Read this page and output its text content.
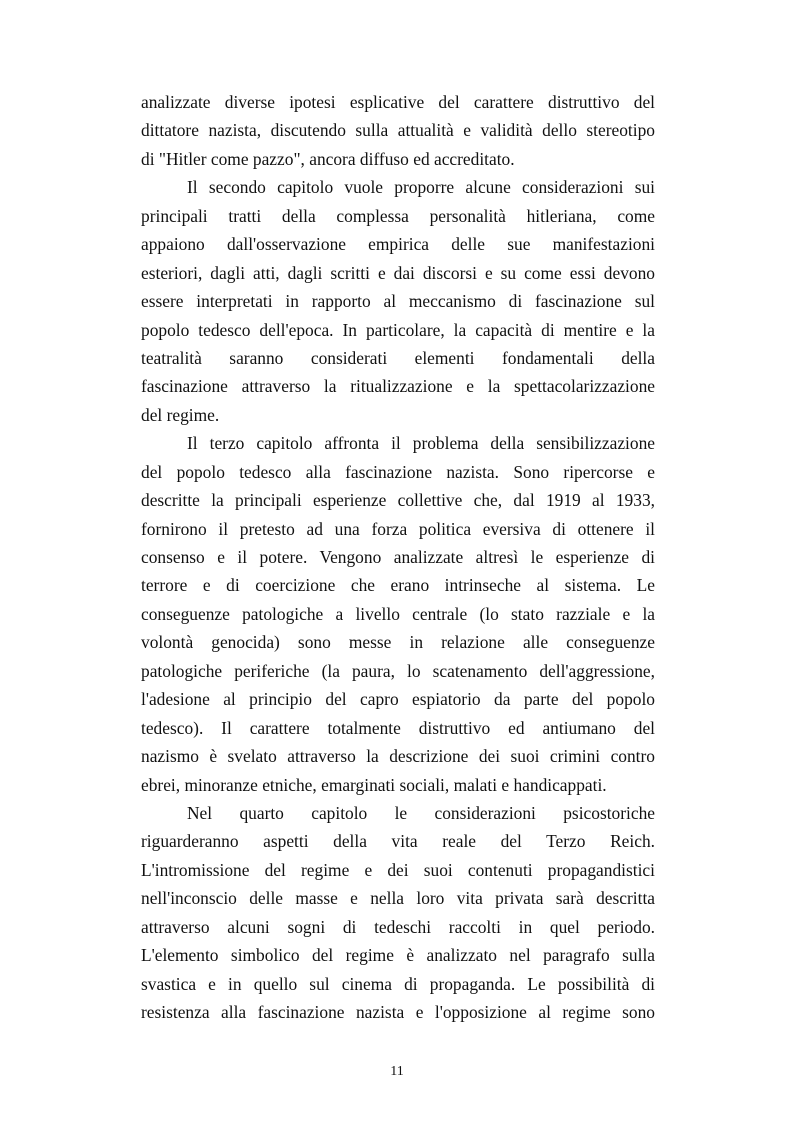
analizzate diverse ipotesi esplicative del carattere distruttivo del
dittatore nazista, discutendo sulla attualità e validità dello stereotipo
di "Hitler come pazzo", ancora diffuso ed accreditato.
Il secondo capitolo vuole proporre alcune considerazioni sui
principali tratti della complessa personalità hitleriana, come
appaiono dall'osservazione empirica delle sue manifestazioni
esteriori, dagli atti, dagli scritti e dai discorsi e su come essi devono
essere interpretati in rapporto al meccanismo di fascinazione sul
popolo tedesco dell'epoca. In particolare, la capacità di mentire e la
teatralità saranno considerati elementi fondamentali della
fascinazione attraverso la ritualizzazione e la spettacolarizzazione
del regime.
Il terzo capitolo affronta il problema della sensibilizzazione
del popolo tedesco alla fascinazione nazista. Sono ripercorse e
descritte la principali esperienze collettive che, dal 1919 al 1933,
fornirono il pretesto ad una forza politica eversiva di ottenere il
consenso e il potere. Vengono analizzate altresì le esperienze di
terrore e di coercizione che erano intrinseche al sistema. Le
conseguenze patologiche a livello centrale (lo stato razziale e la
volontà genocida) sono messe in relazione alle conseguenze
patologiche periferiche (la paura, lo scatenamento dell'aggressione,
l'adesione al principio del capro espiatorio da parte del popolo
tedesco). Il carattere totalmente distruttivo ed antiumano del
nazismo è svelato attraverso la descrizione dei suoi crimini contro
ebrei, minoranze etniche, emarginati sociali, malati e handicappati.
Nel quarto capitolo le considerazioni psicostoriche
riguarderanno aspetti della vita reale del Terzo Reich.
L'intromissione del regime e dei suoi contenuti propagandistici
nell'inconscio delle masse e nella loro vita privata sarà descritta
attraverso alcuni sogni di tedeschi raccolti in quel periodo.
L'elemento simbolico del regime è analizzato nel paragrafo sulla
svastica e in quello sul cinema di propaganda. Le possibilità di
resistenza alla fascinazione nazista e l'opposizione al regime sono
11
